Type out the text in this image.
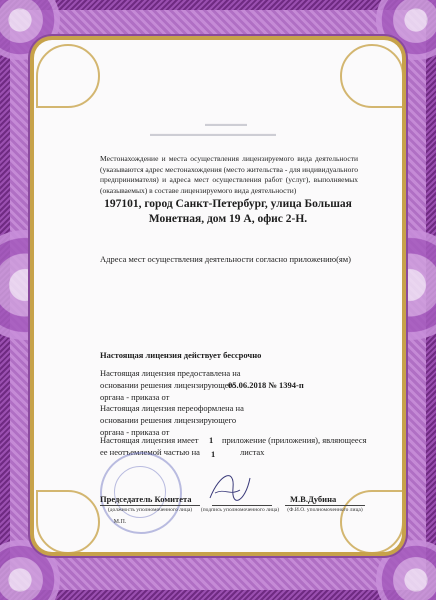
▬▬▬▬▬▬
▬▬▬▬▬▬▬▬▬▬▬▬▬▬▬▬▬▬
Местонахождение и места осуществления лицензируемого вида деятельности (указываются адрес местонахождения (место жительства - для индивидуального предпринимателя) и адреса мест осуществления работ (услуг), выполняемых (оказываемых) в составе лицензируемого вида деятельности)
197101, город Санкт-Петербург, улица Большая Монетная, дом 19 А, офис 2-Н.
Адреса мест осуществления деятельности согласно приложению(ям)
Настоящая лицензия действует бессрочно
Настоящая лицензия предоставлена на основании решения лицензирующего органа - приказа от
05.06.2018 № 1394-п
Настоящая лицензия переоформлена на основании решения лицензирующего органа - приказа от
Настоящая лицензия имеет 1 приложение (приложения), являющееся
ее неотъемлемой частью на 1	листах
Председатель Комитета	М.В.Дубина
(должность уполномоченного лица)	(подпись уполномоченного лица)	(Ф.И.О. уполномоченного лица)
М.П.
